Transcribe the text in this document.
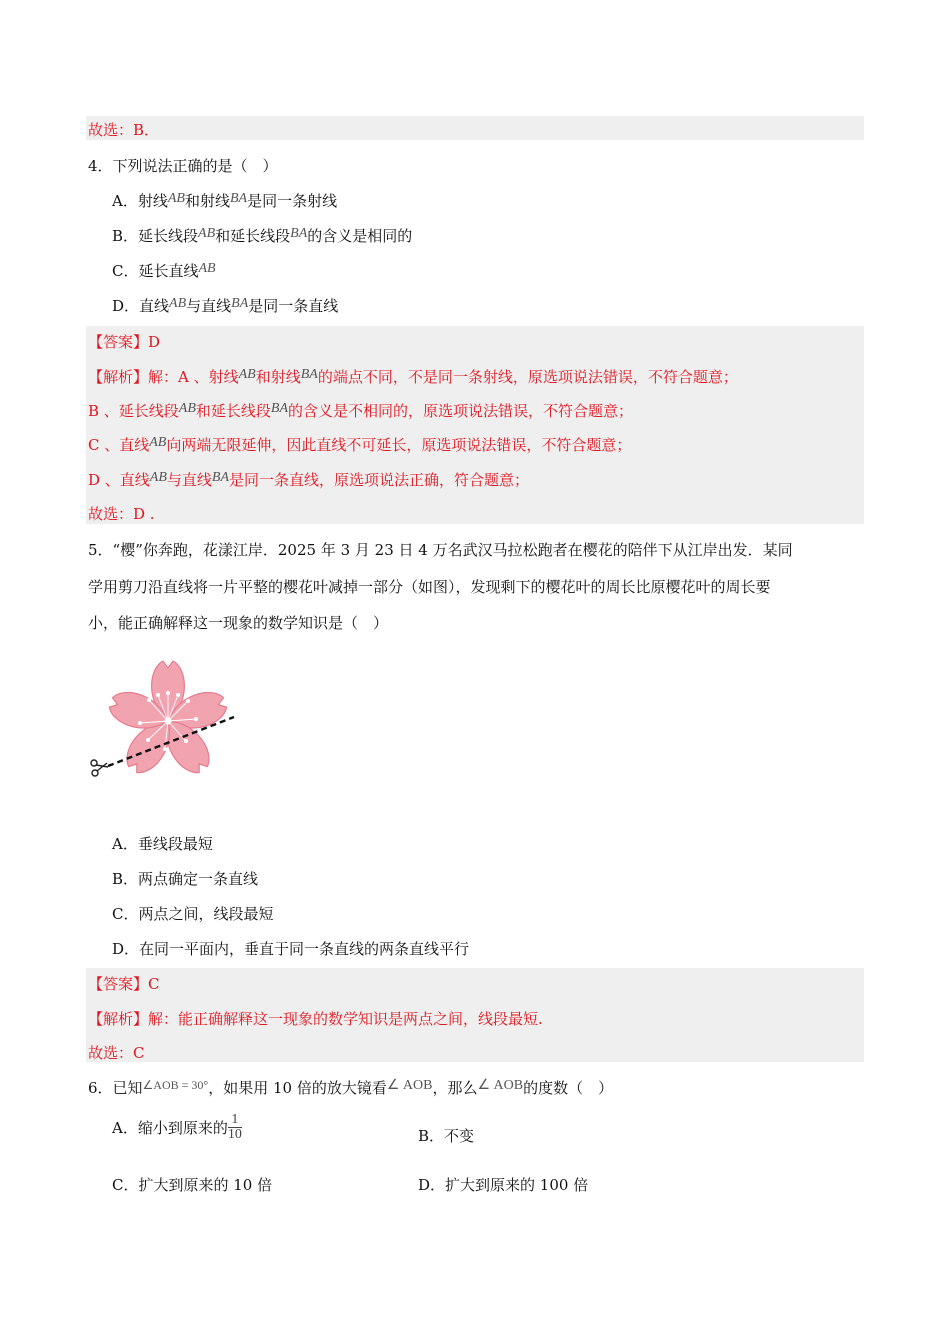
故选：B．
4．下列说法正确的是（　）
A．射线AB和射线BA是同一条射线
B．延长线段AB和延长线段BA的含义是相同的
C．延长直线AB
D．直线AB与直线BA是同一条直线
【答案】D
【解析】解：A 、射线AB和射线BA的端点不同，不是同一条射线，原选项说法错误，不符合题意；
B 、延长线段AB和延长线段BA的含义是不相同的，原选项说法错误，不符合题意；
C 、直线AB向两端无限延伸，因此直线不可延长，原选项说法错误，不符合题意；
D 、直线AB与直线BA是同一条直线，原选项说法正确，符合题意；
故选：D .
5．“樱”你奔跑，花漾江岸．2025 年 3 月 23 日 4 万名武汉马拉松跑者在樱花的陪伴下从江岸出发．某同
学用剪刀沿直线将一片平整的樱花叶减掉一部分（如图），发现剩下的樱花叶的周长比原樱花叶的周长要
小，能正确解释这一现象的数学知识是（　）
A．垂线段最短
B．两点确定一条直线
C．两点之间，线段最短
D．在同一平面内，垂直于同一条直线的两条直线平行
【答案】C
【解析】解：能正确解释这一现象的数学知识是两点之间，线段最短.
故选：C
6．已知$^{\angle AOB = 30^\circ}$，如果用 10 倍的放大镜看∠ AOB，那么∠ AOB的度数（　）
A．缩小到原来的 $\frac{1}{10}$	B．不变
C．扩大到原来的 10 倍	D．扩大到原来的 100 倍
